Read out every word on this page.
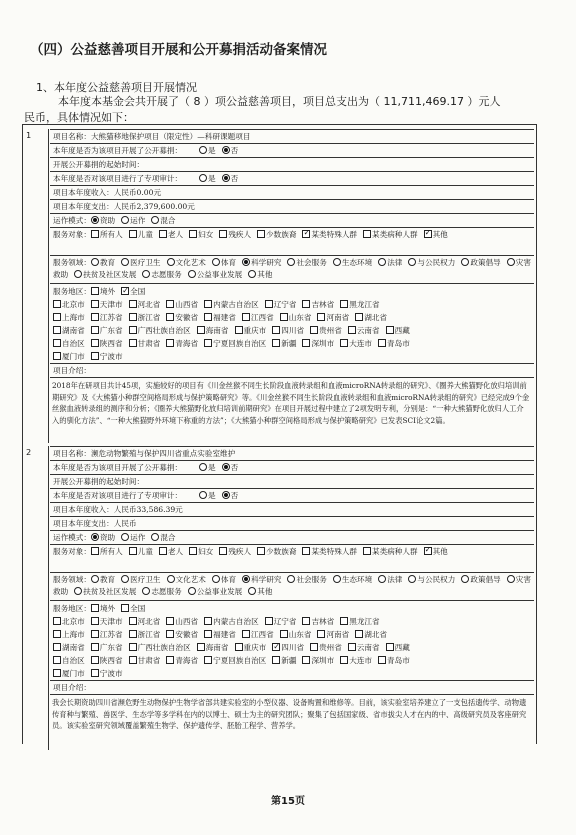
（四）公益慈善项目开展和公开募捐活动备案情况
1、本年度公益慈善项目开展情况
本年度本基金会共开展了（ 8 ）项公益慈善项目，项目总支出为（ 11,711,469.17 ）元人
民币，具体情况如下：
1	项目名称：大熊猫移地保护项目（限定性）—科研课题项目
本年度是否为该项目开展了公开募捐：	是 否
开展公开募捐的起始时间：
本年度是否对该项目进行了专项审计：	是 否
项目本年度收入：人民币0.00元
项目本年度支出：人民币2,379,600.00元
运作模式： 资助 运作 混合
服务对象： 所有人 儿童 老人 妇女 残疾人 少数族裔 ✓ 某类特殊人群 某类病种人群 ✓ 其他
服务领域： 教育 医疗卫生 文化艺术 体育 科学研究 社会服务 生态环境 法律 与公民权力 政策倡导 灾害救助 扶贫及社区发展 志愿服务 公益事业发展 其他
服务地区： 境外 ✓ 全国
北京市 天津市 河北省 山西省 内蒙古自治区 辽宁省 吉林省 黑龙江省
上海市 江苏省 浙江省 安徽省 福建省 江西省 山东省 河南省 湖北省
湖南省 广东省 广西壮族自治区 海南省 重庆市 四川省 贵州省 云南省 西藏
自治区 陕西省 甘肃省 青海省 宁夏回族自治区 新疆 深圳市 大连市 青岛市
厦门市 宁波市
项目介绍：
2018年在研项目共计45项，实施较好的项目有《川金丝猴不同生长阶段血液转录组和血液microRNA转录组的研究》、《圈养大熊猫野化放归培训前期研究》及《大熊猫小种群空间格局形成与保护策略研究》等。《川金丝猴不同生长阶段血液转录组和血液microRNA转录组的研究》已经完成9个金丝猴血液转录组的测序和分析；《圈养大熊猫野化放归培训前期研究》在项目开展过程中建立了2项发明专利，分别是：“一种大熊猫野化放归人工介入的驯化方法”、“一种大熊猫野外环境下称重的方法”；《大熊猫小种群空间格局形成与保护策略研究》已发表SCI论文2篇。
2	项目名称：濒危动物繁殖与保护四川省重点实验室维护
本年度是否为该项目开展了公开募捐：	是 否
开展公开募捐的起始时间：
本年度是否对该项目进行了专项审计：	是 否
项目本年度收入：人民币33,586.39元
项目本年度支出：人民币
运作模式： 资助 运作 混合
服务对象： 所有人 儿童 老人 妇女 残疾人 少数族裔 某类特殊人群 某类病种人群 ✓ 其他
服务领域： 教育 医疗卫生 文化艺术 体育 科学研究 社会服务 生态环境 法律 与公民权力 政策倡导 灾害救助 扶贫及社区发展 志愿服务 公益事业发展 其他
服务地区： 境外 全国
北京市 天津市 河北省 山西省 内蒙古自治区 辽宁省 吉林省 黑龙江省
上海市 江苏省 浙江省 安徽省 福建省 江西省 山东省 河南省 湖北省
湖南省 广东省 广西壮族自治区 海南省 重庆市 ✓ 四川省 贵州省 云南省 西藏
自治区 陕西省 甘肃省 青海省 宁夏回族自治区 新疆 深圳市 大连市 青岛市
厦门市 宁波市
项目介绍：
我会长期资助四川省濒危野生动物保护生物学省部共建实验室的小型仪器、设备购置和维修等。目前，该实验室培养建立了一支包括遗传学、动物遗传育种与繁殖、兽医学、生态学等多学科在内的以博士、硕士为主的研究团队；聚集了包括国家级、省市拔尖人才在内的中、高级研究员及客座研究员。该实验室研究领域覆盖繁殖生物学、保护遗传学、胚胎工程学、营养学。
第15页
